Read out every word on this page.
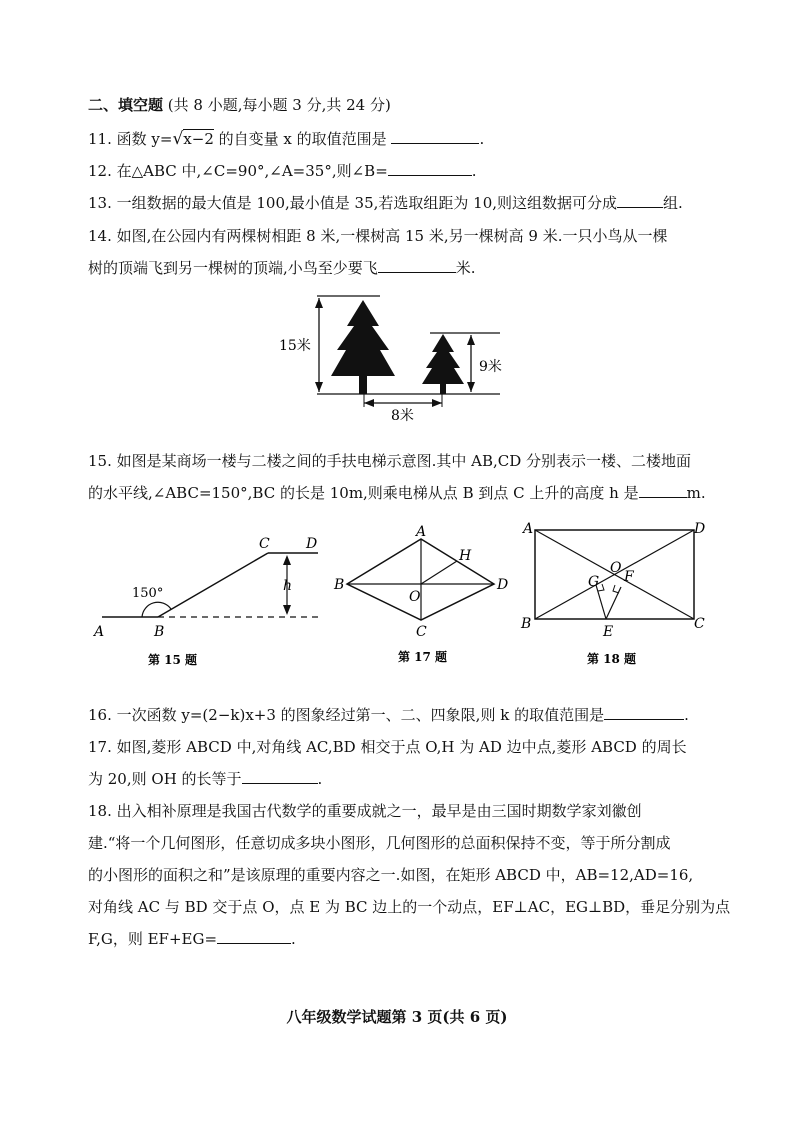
二、填空题 (共 8 小题,每小题 3 分,共 24 分)
11. 函数 y=√x−2 的自变量 x 的取值范围是	.
12. 在△ABC 中,∠C=90°,∠A=35°,则∠B=	.
13. 一组数据的最大值是 100,最小值是 35,若选取组距为 10,则这组数据可分成	组.
14. 如图,在公园内有两棵树相距 8 米,一棵树高 15 米,另一棵树高 9 米.一只小鸟从一棵
树的顶端飞到另一棵树的顶端,小鸟至少要飞	米.
15米
9米
8米
15. 如图是某商场一楼与二楼之间的手扶电梯示意图.其中 AB,CD 分别表示一楼、二楼地面
的水平线,∠ABC=150°,BC 的长是 10m,则乘电梯从点 B 到点 C 上升的高度 h 是	m.
A	B
C	D
h
150°
第 15 题
A
B
C
D
H
O
第 17 题
A	D
B	C
O
G F
E
第 18 题
16. 一次函数 y=(2−k)x+3 的图象经过第一、二、四象限,则 k 的取值范围是	.
17. 如图,菱形 ABCD 中,对角线 AC,BD 相交于点 O,H 为 AD 边中点,菱形 ABCD 的周长
为 20,则 OH 的长等于	.
18. 出入相补原理是我国古代数学的重要成就之一，最早是由三国时期数学家刘徽创
建.“将一个几何图形，任意切成多块小图形，几何图形的总面积保持不变，等于所分割成
的小图形的面积之和”是该原理的重要内容之一.如图，在矩形 ABCD 中，AB=12,AD=16,
对角线 AC 与 BD 交于点 O，点 E 为 BC 边上的一个动点，EF⊥AC，EG⊥BD，垂足分别为点
F,G，则 EF+EG=	.
八年级数学试题第 3 页(共 6 页)
